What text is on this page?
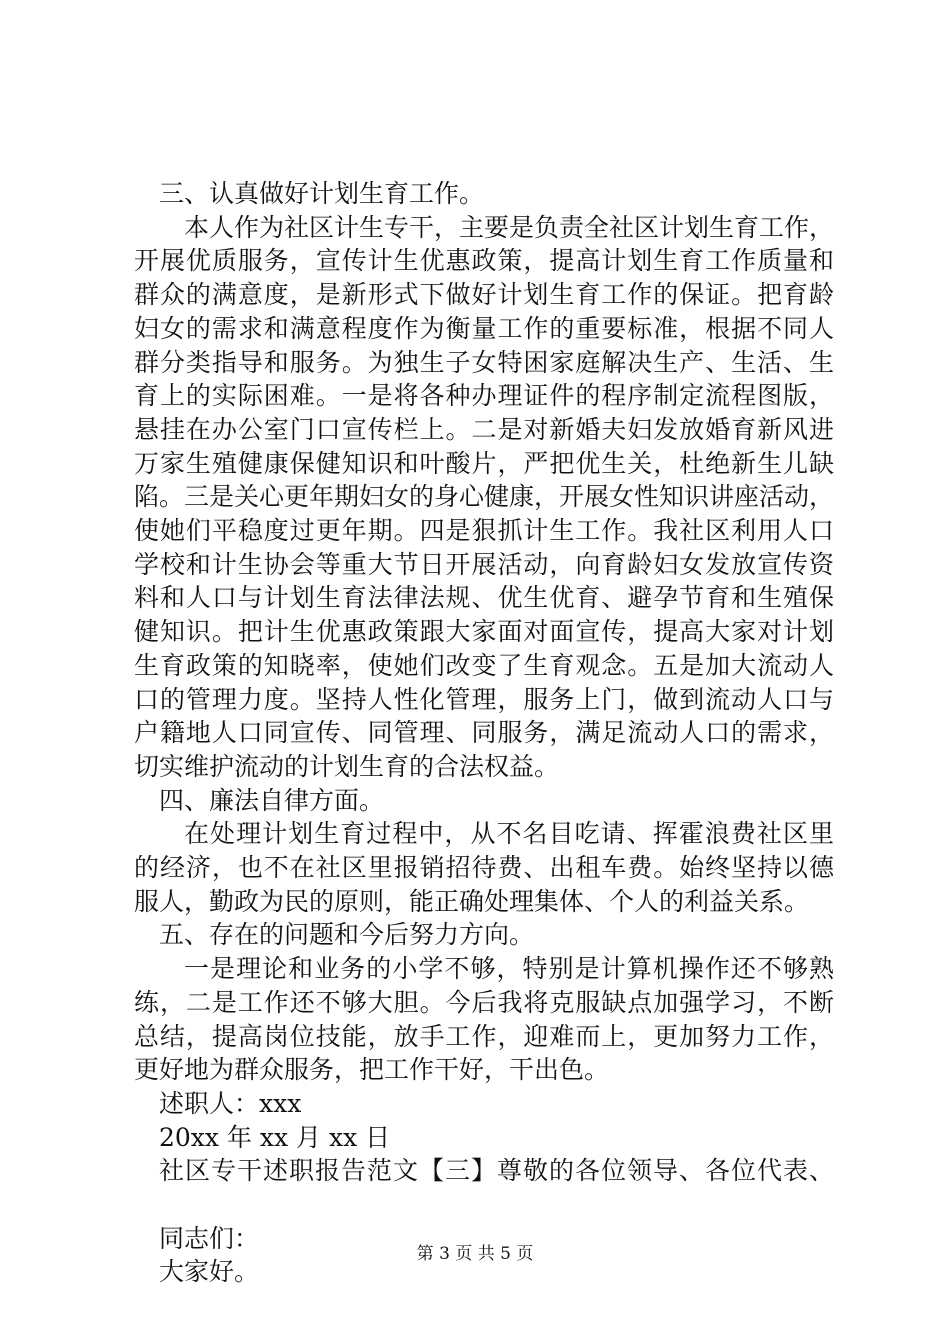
三、认真做好计划生育工作。
本人作为社区计生专干，主要是负责全社区计划生育工作，
开展优质服务，宣传计生优惠政策，提高计划生育工作质量和
群众的满意度，是新形式下做好计划生育工作的保证。把育龄
妇女的需求和满意程度作为衡量工作的重要标准，根据不同人
群分类指导和服务。为独生子女特困家庭解决生产、生活、生
育上的实际困难。一是将各种办理证件的程序制定流程图版，
悬挂在办公室门口宣传栏上。二是对新婚夫妇发放婚育新风进
万家生殖健康保健知识和叶酸片，严把优生关，杜绝新生儿缺
陷。三是关心更年期妇女的身心健康，开展女性知识讲座活动，
使她们平稳度过更年期。四是狠抓计生工作。我社区利用人口
学校和计生协会等重大节日开展活动，向育龄妇女发放宣传资
料和人口与计划生育法律法规、优生优育、避孕节育和生殖保
健知识。把计生优惠政策跟大家面对面宣传，提高大家对计划
生育政策的知晓率，使她们改变了生育观念。五是加大流动人
口的管理力度。坚持人性化管理，服务上门，做到流动人口与
户籍地人口同宣传、同管理、同服务，满足流动人口的需求，
切实维护流动的计划生育的合法权益。
四、廉法自律方面。
在处理计划生育过程中，从不名目吃请、挥霍浪费社区里
的经济，也不在社区里报销招待费、出租车费。始终坚持以德
服人，勤政为民的原则，能正确处理集体、个人的利益关系。
五、存在的问题和今后努力方向。
一是理论和业务的小学不够，特别是计算机操作还不够熟
练，二是工作还不够大胆。今后我将克服缺点加强学习，不断
总结，提高岗位技能，放手工作，迎难而上，更加努力工作，
更好地为群众服务，把工作干好，干出色。
述职人：xxx
20xx 年 xx 月 xx 日
社区专干述职报告范文【三】尊敬的各位领导、各位代表、
同志们：
大家好。
第 3 页 共 5 页
